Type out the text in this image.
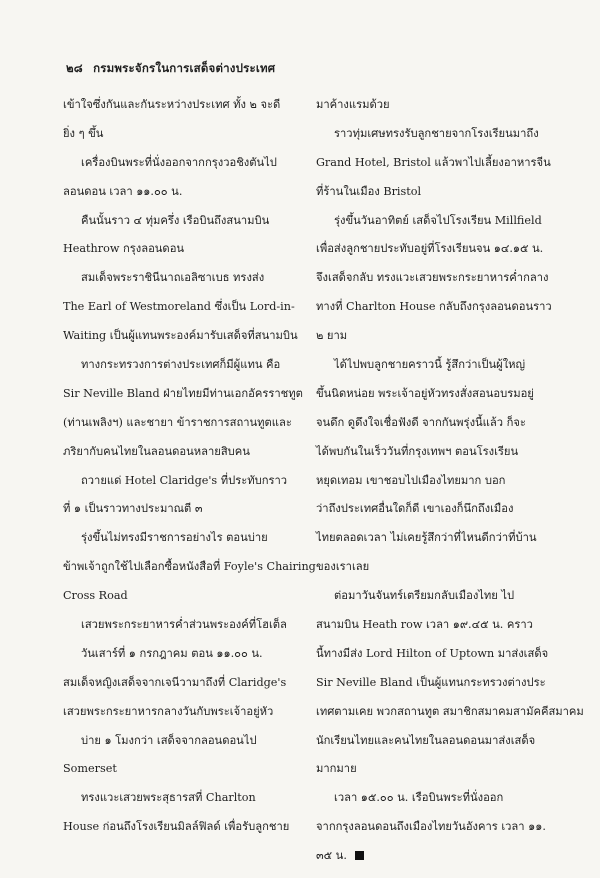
๒๘ กรมพระจักรในการเสด็จต่างประเทศ
เข้าใจซึ่งกันและกันระหว่างประเทศ ทั้ง ๒ จะดี
ยิ่ง ๆ ขึ้น
เครื่องบินพระที่นั่งออกจากกรุงวอชิงตันไป
ลอนดอน เวลา ๑๑.๐๐ น.
คืนนั้นราว ๔ ทุ่มครึ่ง เรือบินถึงสนามบิน
Heathrow กรุงลอนดอน
สมเด็จพระราชินีนาถเอลิซาเบธ ทรงส่ง
The Earl of Westmoreland ซึ่งเป็น Lord-in-
Waiting เป็นผู้แทนพระองค์มารับเสด็จที่สนามบิน
ทางกระทรวงการต่างประเทศก็มีผู้แทน คือ
Sir Neville Bland ฝ่ายไทยมีท่านเอกอัครราชทูต
(ท่านเพลิงฯ) และชายา ข้าราชการสถานทูตและ
ภริยากับคนไทยในลอนดอนหลายสิบคน
ถวายแด่ Hotel Claridge's ที่ประทับกราว
ที่ ๑ เป็นราวทางประมาณตี ๓
รุ่งขึ้นไม่ทรงมีราชการอย่างไร ตอนบ่าย
ข้าพเจ้าถูกใช้ไปเลือกซื้อหนังสือที่ Foyle's Chairing
Cross Road
เสวยพระกระยาหารค่ำส่วนพระองค์ที่โฮเต็ล
วันเสาร์ที่ ๑ กรกฎาคม ตอน ๑๑.๐๐ น.
สมเด็จหญิงเสด็จจากเจนีวามาถึงที่ Claridge's
เสวยพระกระยาหารกลางวันกับพระเจ้าอยู่หัว
บ่าย ๑ โมงกว่า เสด็จจากลอนดอนไป
Somerset
ทรงแวะเสวยพระสุธารสที่ Charlton
House ก่อนถึงโรงเรียนมิลล์ฟิลด์ เพื่อรับลูกชาย
มาค้างแรมด้วย
ราวทุ่มเศษทรงรับลูกชายจากโรงเรียนมาถึง
Grand Hotel, Bristol แล้วพาไปเลี้ยงอาหารจีน
ที่ร้านในเมือง Bristol
รุ่งขึ้นวันอาทิตย์ เสด็จไปโรงเรียน Millfield
เพื่อส่งลูกชายประทับอยู่ที่โรงเรียนจน ๑๔.๑๕ น.
จึงเสด็จกลับ ทรงแวะเสวยพระกระยาหารค่ำกลาง
ทางที่ Charlton House กลับถึงกรุงลอนดอนราว
๒ ยาม
ได้ไปพบลูกชายคราวนี้ รู้สึกว่าเป็นผู้ใหญ่
ขึ้นนิดหน่อย พระเจ้าอยู่หัวทรงสั่งสอนอบรมอยู่
จนดึก ดูดึงใจเชื่อฟังดี จากกันพรุ่งนี้แล้ว ก็จะ
ได้พบกันในเร็ววันที่กรุงเทพฯ ตอนโรงเรียน
หยุดเทอม เขาชอบไปเมืองไทยมาก บอก
ว่าถึงประเทศอื่นใดก็ดี เขาเองก็นึกถึงเมือง
ไทยตลอดเวลา ไม่เคยรู้สึกว่าที่ไหนดีกว่าที่บ้าน
ของเราเลย
ต่อมาวันจันทร์เตรียมกลับเมืองไทย ไป
สนามบิน Heath row เวลา ๑๙.๔๕ น. คราว
นี้ทางมีส่ง Lord Hilton of Uptown มาส่งเสด็จ
Sir Neville Bland เป็นผู้แทนกระทรวงต่างประ
เทศตามเคย พวกสถานทูต สมาชิกสมาคมสามัคคีสมาคม
นักเรียนไทยและคนไทยในลอนดอนมาส่งเสด็จ
มากมาย
เวลา ๑๕.๐๐ น. เรือบินพระที่นั่งออก
จากกรุงลอนดอนถึงเมืองไทยวันอังคาร เวลา ๑๑.
๓๕ น.
